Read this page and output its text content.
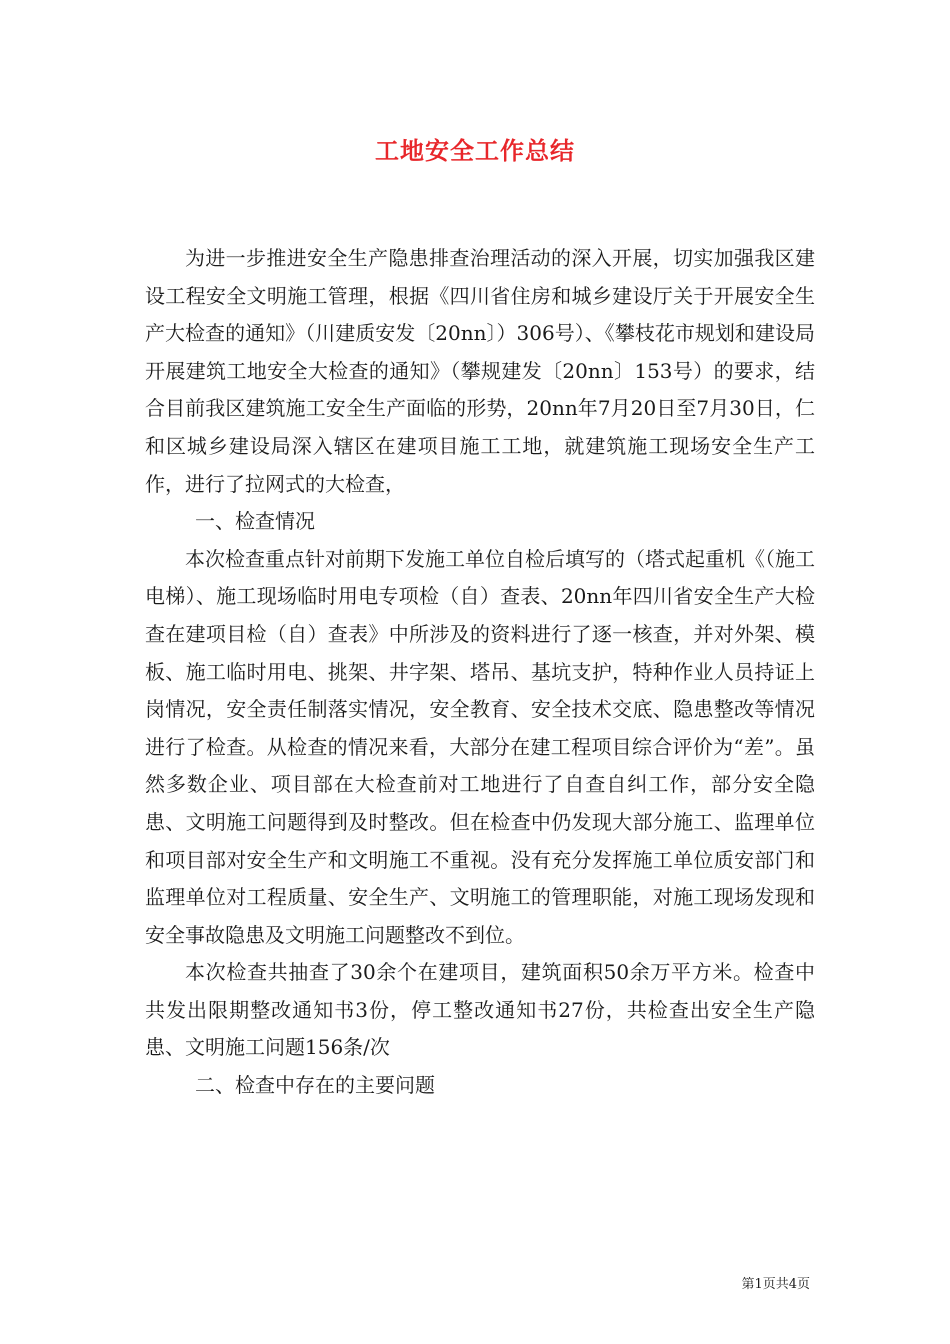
工地安全工作总结

为进一步推进安全生产隐患排查治理活动的深入开展，切实加强我区建设工程安全文明施工管理，根据《四川省住房和城乡建设厅关于开展安全生产大检查的通知》（川建质安发〔20nn〕）306号）、《攀枝花市规划和建设局开展建筑工地安全大检查的通知》（攀规建发〔20nn〕153号）的要求，结合目前我区建筑施工安全生产面临的形势，20nn年7月20日至7月30日，仁和区城乡建设局深入辖区在建项目施工工地，就建筑施工现场安全生产工作，进行了拉网式的大检查，

一、检查情况

本次检查重点针对前期下发施工单位自检后填写的（塔式起重机《（施工电梯）、施工现场临时用电专项检（自）查表、20nn年四川省安全生产大检查在建项目检（自）查表》中所涉及的资料进行了逐一核查，并对外架、模板、施工临时用电、挑架、井字架、塔吊、基坑支护，特种作业人员持证上岗情况，安全责任制落实情况，安全教育、安全技术交底、隐患整改等情况进行了检查。从检查的情况来看，大部分在建工程项目综合评价为“差”。虽然多数企业、项目部在大检查前对工地进行了自查自纠工作，部分安全隐患、文明施工问题得到及时整改。但在检查中仍发现大部分施工、监理单位和项目部对安全生产和文明施工不重视。没有充分发挥施工单位质安部门和监理单位对工程质量、安全生产、文明施工的管理职能，对施工现场发现和安全事故隐患及文明施工问题整改不到位。

本次检查共抽查了30余个在建项目，建筑面积50余万平方米。检查中共发出限期整改通知书3份，停工整改通知书27份，共检查出安全生产隐患、文明施工问题156条/次

二、检查中存在的主要问题

第1页共4页
